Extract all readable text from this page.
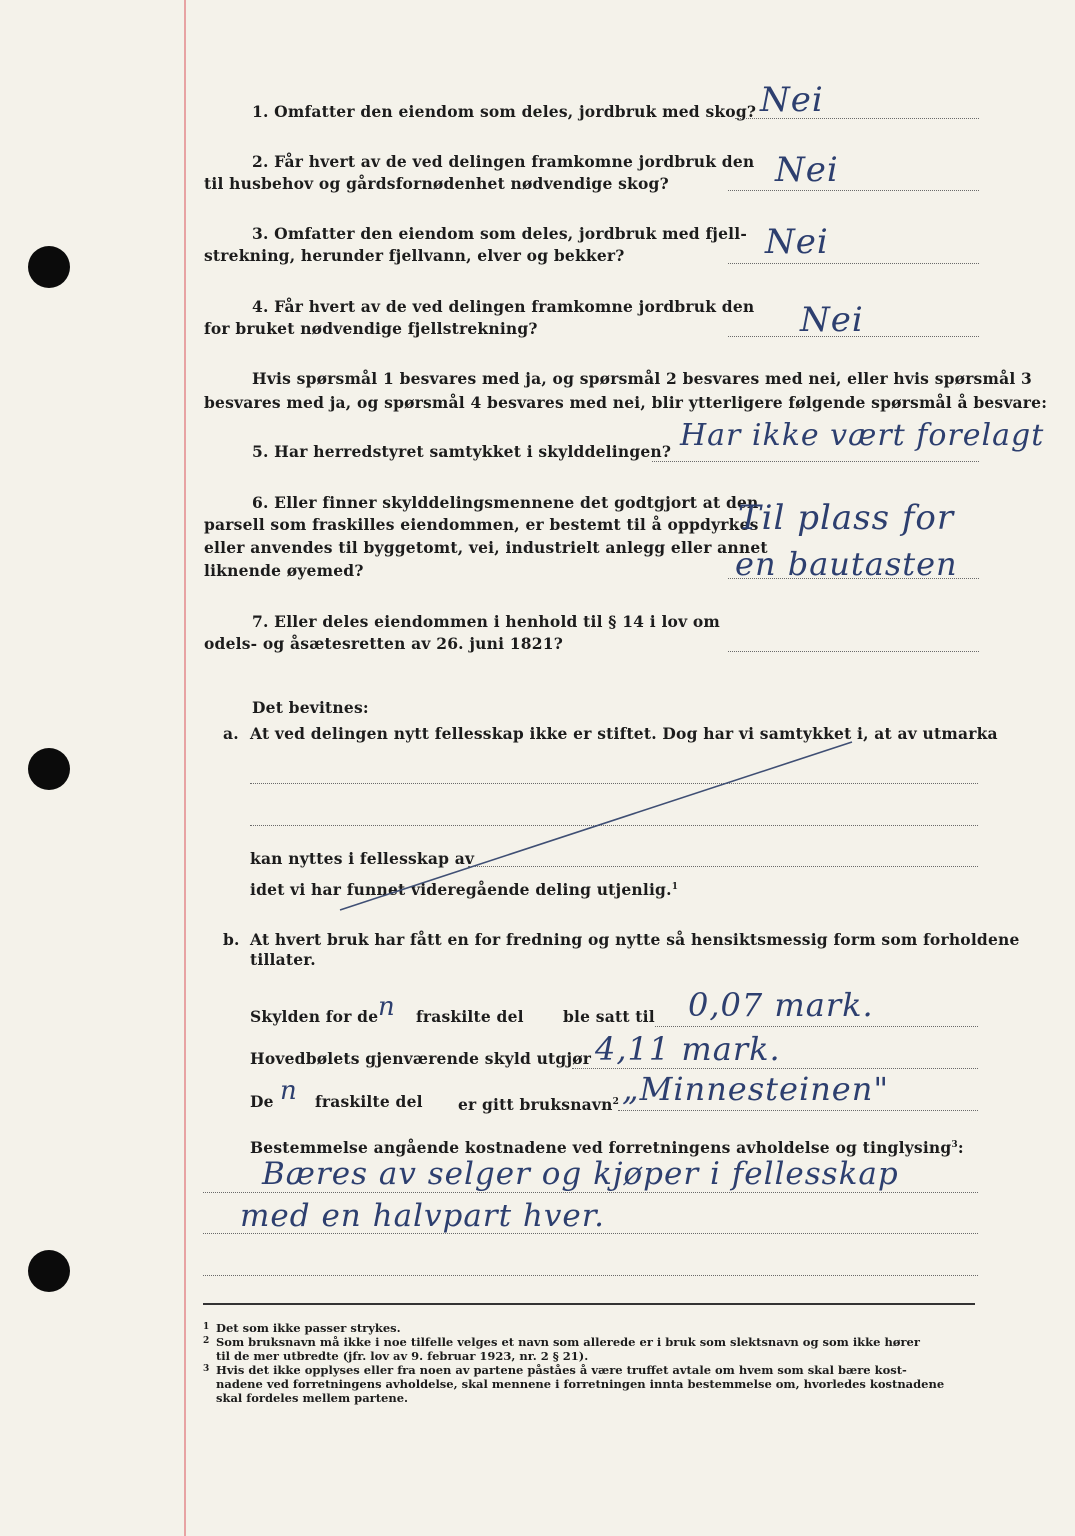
1. Omfatter den eiendom som deles, jordbruk med skog? Nei
2. Får hvert av de ved delingen framkomne jordbruk den
til husbehov og gårdsfornødenhet nødvendige skog?	Nei
3. Omfatter den eiendom som deles, jordbruk med fjell-
strekning, herunder fjellvann, elver og bekker?	Nei
4. Får hvert av de ved delingen framkomne jordbruk den
for bruket nødvendige fjellstrekning?	Nei
Hvis spørsmål 1 besvares med ja, og spørsmål 2 besvares med nei, eller hvis spørsmål 3
besvares med ja, og spørsmål 4 besvares med nei, blir ytterligere følgende spørsmål å besvare:
5. Har herredstyret samtykket i skylddelingen? Har ikke vært forelagt
6. Eller finner skylddelingsmennene det godtgjort at den
parsell som fraskilles eiendommen, er bestemt til å oppdyrkes
eller anvendes til byggetomt, vei, industrielt anlegg eller annet
liknende øyemed?
Til plass for
en bautasten
7. Eller deles eiendommen i henhold til § 14 i lov om
odels- og åsætesretten av 26. juni 1821?
Det bevitnes:
a. At ved delingen nytt fellesskap ikke er stiftet. Dog har vi samtykket i, at av utmarka
kan nyttes i fellesskap av
idet vi har funnet videregående deling utjenlig.$^1$
b. At hvert bruk har fått en for fredning og nytte så hensiktsmessig form som forholdene
tillater.
Skylden for de n fraskilte del	ble satt til 0,07 mark.
Hovedbølets gjenværende skyld utgjør 4,11 mark.
De n fraskilte del er gitt bruksnavn$^2$ „Minnesteinen"
Bestemmelse angående kostnadene ved forretningens avholdelse og tinglysing$^3$:
Bæres av selger og kjøper i fellesskap
med en halvpart hver.
$^1$ Det som ikke passer strykes.
$^2$ Som bruksnavn må ikke i noe tilfelle velges et navn som allerede er i bruk som slektsnavn og som ikke hører
til de mer utbredte (jfr. lov av 9. februar 1923, nr. 2 § 21).
$^3$ Hvis det ikke opplyses eller fra noen av partene påståes å være truffet avtale om hvem som skal bære kost-
nadene ved forretningens avholdelse, skal mennene i forretningen innta bestemmelse om, hvorledes kostnadene
skal fordeles mellem partene.
